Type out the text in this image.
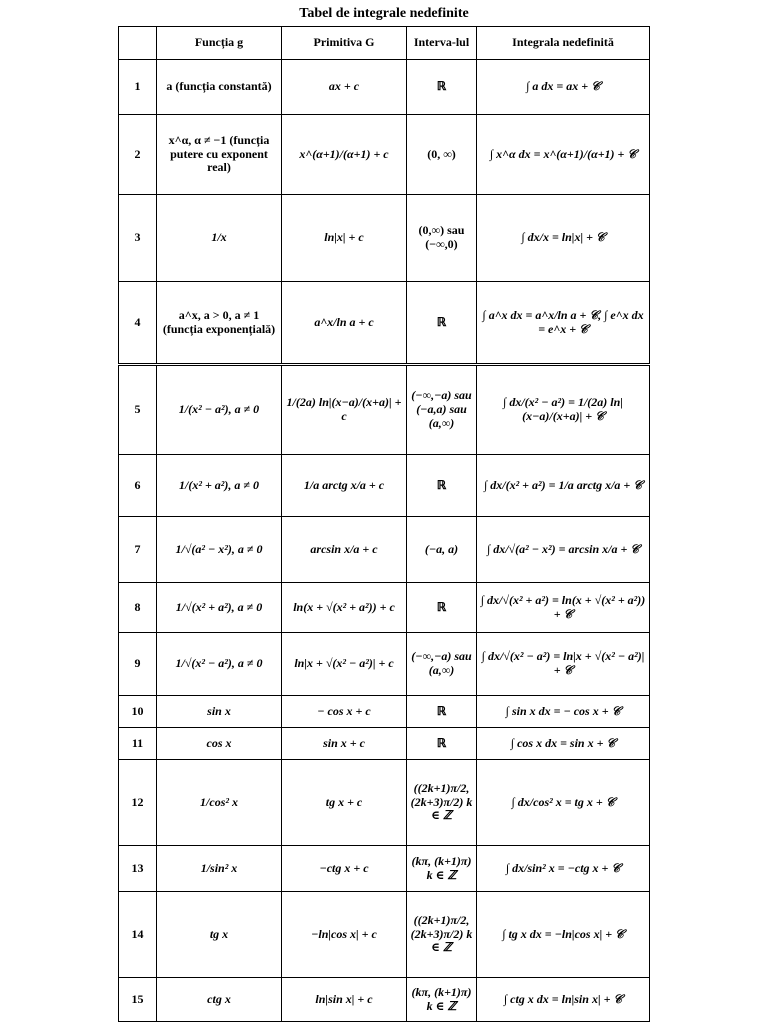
Tabel de integrale nedefinite
	Funcția g	Primitiva G	Interva-lul	Integrala nedefinită
1	a (funcția constantă)	ax + c	ℝ	∫ a dx = ax + 𝒞
2	x^α, α ≠ −1 (funcția putere cu exponent real)	x^(α+1)/(α+1) + c	(0, ∞)	∫ x^α dx = x^(α+1)/(α+1) + 𝒞
3	1/x	ln|x| + c	(0,∞) sau (−∞,0)	∫ dx/x = ln|x| + 𝒞
4	a^x, a > 0, a ≠ 1 (funcția exponențială)	a^x/ln a + c	ℝ	∫ a^x dx = a^x/ln a + 𝒞, ∫ e^x dx = e^x + 𝒞
5	1/(x² − a²), a ≠ 0	1/(2a) ln|(x−a)/(x+a)| + c	(−∞,−a) sau (−a,a) sau (a,∞)	∫ dx/(x² − a²) = 1/(2a) ln|(x−a)/(x+a)| + 𝒞
6	1/(x² + a²), a ≠ 0	1/a arctg x/a + c	ℝ	∫ dx/(x² + a²) = 1/a arctg x/a + 𝒞
7	1/√(a² − x²), a ≠ 0	arcsin x/a + c	(−a, a)	∫ dx/√(a² − x²) = arcsin x/a + 𝒞
8	1/√(x² + a²), a ≠ 0	ln(x + √(x² + a²)) + c	ℝ	∫ dx/√(x² + a²) = ln(x + √(x² + a²)) + 𝒞
9	1/√(x² − a²), a ≠ 0	ln|x + √(x² − a²)| + c	(−∞,−a) sau (a,∞)	∫ dx/√(x² − a²) = ln|x + √(x² − a²)| + 𝒞
10	sin x	− cos x + c	ℝ	∫ sin x dx = − cos x + 𝒞
11	cos x	sin x + c	ℝ	∫ cos x dx = sin x + 𝒞
12	1/cos² x	tg x + c	((2k+1)π/2, (2k+3)π/2) k ∈ ℤ	∫ dx/cos² x = tg x + 𝒞
13	1/sin² x	−ctg x + c	(kπ, (k+1)π) k ∈ ℤ	∫ dx/sin² x = −ctg x + 𝒞
14	tg x	−ln|cos x| + c	((2k+1)π/2, (2k+3)π/2) k ∈ ℤ	∫ tg x dx = −ln|cos x| + 𝒞
15	ctg x	ln|sin x| + c	(kπ, (k+1)π) k ∈ ℤ	∫ ctg x dx = ln|sin x| + 𝒞
